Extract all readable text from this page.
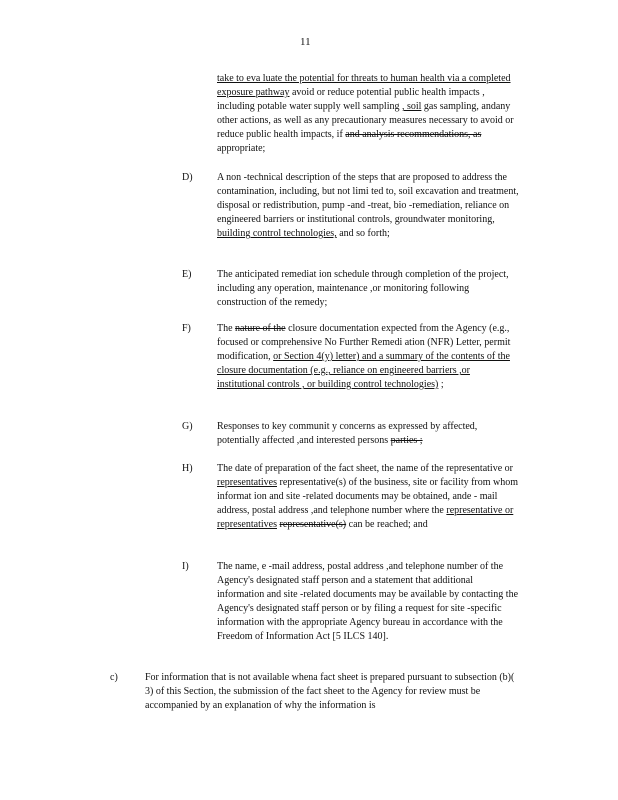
11

take to eva luate the potential for threats to human health via a completed exposure pathway avoid or reduce potential public health impacts , including potable water supply well sampling , soil gas sampling, andany other actions, as well as any precautionary measures necessary to avoid or reduce public health impacts, if and analysis recommendations, as appropriate;

D) A non -technical description of the steps that are proposed to address the contamination, including, but not limi ted to, soil excavation and treatment, disposal or redistribution, pump -and -treat, bio -remediation, reliance on engineered barriers or institutional controls, groundwater monitoring, building control technologies, and so forth;

E)	The anticipated remediat ion schedule through completion of the project, including any operation, maintenance ,or monitoring following construction of the remedy;

F)	The nature of the closure documentation expected from the Agency (e.g., focused or comprehensive No Further Remedi ation (NFR) Letter, permit modification, or Section 4(y) letter) and a summary of the contents of the closure documentation (e.g., reliance on engineered barriers ,or institutional controls , or building control technologies) ;

G) Responses to key communit y concerns as expressed by affected, potentially affected ,and interested persons parties ;

H) The date of preparation of the fact sheet, the name of the representative or representatives representative(s) of the business, site or facility from whom informat ion and site -related documents may be obtained, ande - mail address, postal address ,and telephone number where the representative or representatives representative(s) can be reached; and

I)	The name, e -mail address, postal address ,and telephone number of the Agency's designated staff person and a statement that additional information and site -related documents may be available by contacting the Agency's designated staff person or by filing a request for site -specific information with the appropriate Agency bureau in accordance with the Freedom of Information Act [5 ILCS 140].

c)	For information that is not available whena fact sheet is prepared pursuant to subsection (b)( 3) of this Section, the submission of the fact sheet to the Agency for review must be accompanied by an explanation of why the information is
